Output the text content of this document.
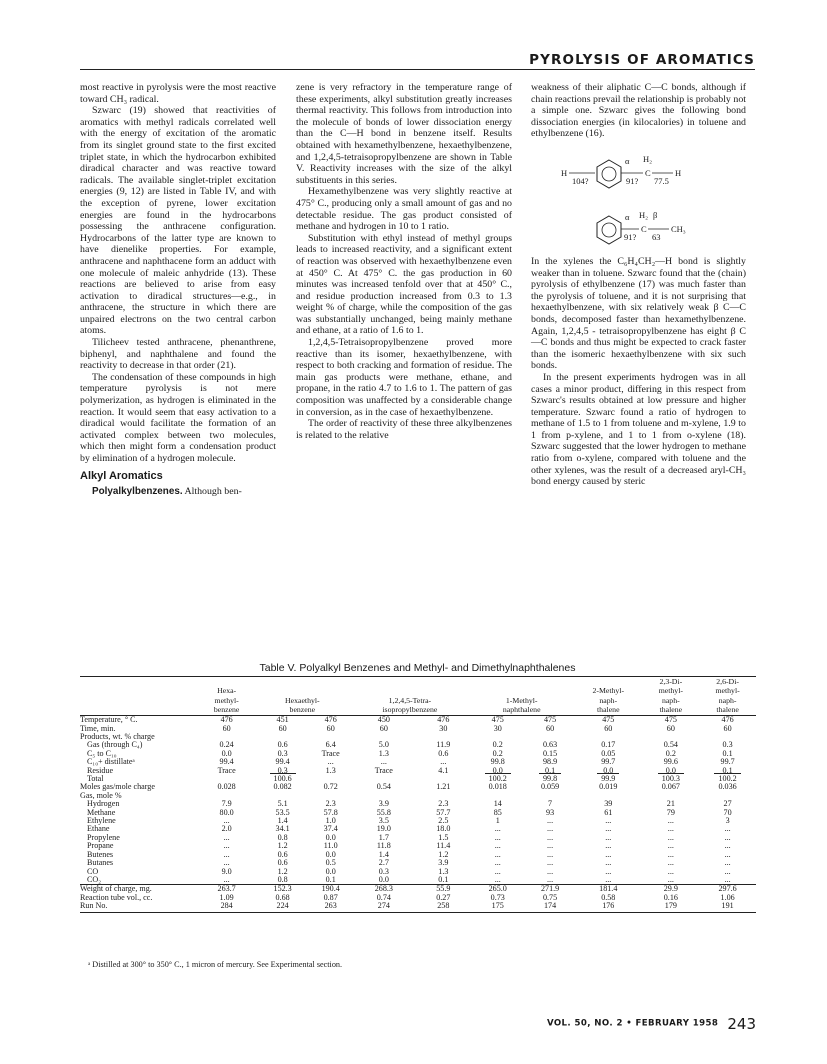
PYROLYSIS OF AROMATICS

most reactive in pyrolysis were the most reactive toward CH₃ radical.

Szwarc (19) showed that reactivities of aromatics with methyl radicals correlated well with the energy of excitation of the aromatic from its singlet ground state to the first excited triplet state, in which the hydrocarbon exhibited diradical character and was reactive toward radicals. The available singlet-triplet excitation energies (9, 12) are listed in Table IV, and with the exception of pyrene, lower excitation energies are found in the hydrocarbons possessing the anthracene configuration. Hydrocarbons of the latter type are known to have dienelike properties. For example, anthracene and naphthacene form an adduct with one molecule of maleic anhydride (13). These reactions are believed to arise from easy activation to diradical structures—e.g., in anthracene, the structure in which there are unpaired electrons on the two central carbon atoms.

Tilicheev tested anthracene, phenanthrene, biphenyl, and naphthalene and found the reactivity to decrease in that order (21).

The condensation of these compounds in high temperature pyrolysis is not mere polymerization, as hydrogen is eliminated in the reaction. It would seem that easy activation to a diradical would facilitate the formation of an activated complex between two molecules, which then might form a condensation product by elimination of a hydrogen molecule.

Alkyl Aromatics

Polyalkylbenzenes. Although ben-

zene is very refractory in the temperature range of these experiments, alkyl substitution greatly increases thermal reactivity. This follows from introduction into the molecule of bonds of lower dissociation energy than the C—H bond in benzene itself. Results obtained with hexamethylbenzene, hexaethylbenzene, and 1,2,4,5-tetraisopropylbenzene are shown in Table V. Reactivity increases with the size of the alkyl substituents in this series.

Hexamethylbenzene was very slightly reactive at 475° C., producing only a small amount of gas and no detectable residue. The gas product consisted of methane and hydrogen in 10 to 1 ratio.

Substitution with ethyl instead of methyl groups leads to increased reactivity, and a significant extent of reaction was observed with hexaethylbenzene even at 450° C. At 475° C. the gas production in 60 minutes was increased tenfold over that at 450° C., and residue production increased from 0.3 to 1.3 weight % of charge, while the composition of the gas was substantially unchanged, being mainly methane and ethane, at a ratio of 1.6 to 1.

1,2,4,5-Tetraisopropylbenzene proved more reactive than its isomer, hexaethylbenzene, with respect to both cracking and formation of residue. The main gas products were methane, ethane, and propane, in the ratio 4.7 to 1.6 to 1. The pattern of gas composition was unaffected by a considerable change in conversion, as in the case of hexaethylbenzene.

The order of reactivity of these three alkylbenzenes is related to the relative

weakness of their aliphatic C—C bonds, although if chain reactions prevail the relationship is probably not a simple one. Szwarc gives the following bond dissociation energies (in kilocalories) in toluene and ethylbenzene (16).

H
104?
α
91?
H₂
C
77.5
H
α
91?
H₂ β
C
63
CH₃

In the xylenes the C₆H₄CH₂—H bond is slightly weaker than in toluene. Szwarc found that the (chain) pyrolysis of ethylbenzene (17) was much faster than the pyrolysis of toluene, and it is not surprising that hexaethylbenzene, with six relatively weak β C—C bonds, decomposed faster than hexamethylbenzene. Again, 1,2,4,5 - tetraisopropylbenzene has eight β C—C bonds and thus might be expected to crack faster than the isomeric hexaethylbenzene with six such bonds.

In the present experiments hydrogen was in all cases a minor product, differing in this respect from Szwarc's results obtained at low pressure and higher temperature. Szwarc found a ratio of hydrogen to methane of 1.5 to 1 from toluene and m-xylene, 1.9 to 1 from p-xylene, and 1 to 1 from o-xylene (18). Szwarc suggested that the lower hydrogen to methane ratio from o-xylene, compared with toluene and the other xylenes, was the result of a decreased aryl-CH₃ bond energy caused by steric

Table V. Polyalkyl Benzenes and Methyl- and Dimethylnaphthalenes
									2,3-Di-	2,6-Di-
	Hexa-							2-Methyl-	methyl-	methyl-
	methyl-	Hexaethyl-		1,2,4,5-Tetra-		1-Methyl-		naph-	naph-	naph-
	benzene	benzene		isopropylbenzene		naphthalene		thalene	thalene	thalene
Temperature, ° C.	476	451	476	450	476	475	475	475	475	476
Time, min.	60	60	60	60	30	30	60	60	60	60
Products, wt. % charge										
Gas (through C₄)	0.24	0.6	6.4	5.0	11.9	0.2	0.63	0.17	0.54	0.3
C₅ to C₁₀	0.0	0.3	Trace	1.3	0.6	0.2	0.15	0.05	0.2	0.1
C₁₀+ distillateᵃ	99.4	99.4	...	...	...	99.8	98.9	99.7	99.6	99.7
Residue	Trace	0.3	1.3	Trace	4.1	0.0	0.1	0.0	0.0	0.1
Total		100.6				100.2	99.8	99.9	100.3	100.2
Moles gas/mole charge	0.028	0.082	0.72	0.54	1.21	0.018	0.059	0.019	0.067	0.036
Gas, mole %										
Hydrogen	7.9	5.1	2.3	3.9	2.3	14	7	39	21	27
Methane	80.0	53.5	57.8	55.8	57.7	85	93	61	79	70
Ethylene	...	1.4	1.0	3.5	2.5	1	...	...	...	3
Ethane	2.0	34.1	37.4	19.0	18.0	...	...	...	...	...
Propylene	...	0.8	0.0	1.7	1.5	...	...	...	...	...
Propane	...	1.2	11.0	11.8	11.4	...	...	...	...	...
Butenes	...	0.6	0.0	1.4	1.2	...	...	...	...	...
Butanes	...	0.6	0.5	2.7	3.9	...	...	...	...	...
CO	9.0	1.2	0.0	0.3	1.3	...	...	...	...	...
CO₂	...	0.8	0.1	0.0	0.1	...	...	...	...	...
Weight of charge, mg.	263.7	152.3	190.4	268.3	55.9	265.0	271.9	181.4	29.9	297.6
Reaction tube vol., cc.	1.09	0.68	0.87	0.74	0.27	0.73	0.75	0.58	0.16	1.06
Run No.	284	224	263	274	258	175	174	176	179	191
ᵃ Distilled at 300° to 350° C., 1 micron of mercury. See Experimental section.
VOL. 50, NO. 2 • FEBRUARY 1958 243
